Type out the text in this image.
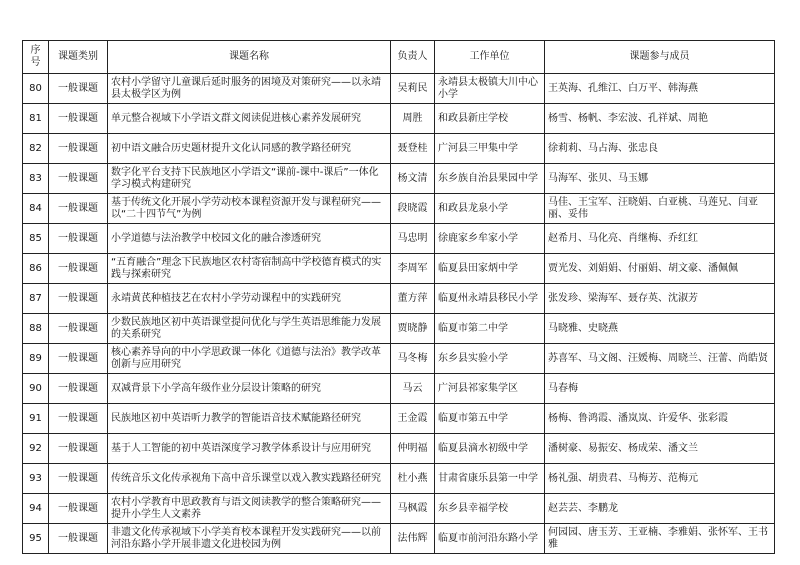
序号	课题类别	课题名称	负责人	工作单位	课题参与成员
80	一般课题	农村小学留守儿童课后延时服务的困境及对策研究——以永靖县太极学区为例	吴莉民	永靖县太极镇大川中心小学	王英海、孔维江、白万平、韩海燕
81	一般课题	单元整合视域下小学语文群文阅读促进核心素养发展研究	周胜	和政县新庄学校	杨雪、杨帆、李宏波、孔祥斌、周艳
82	一般课题	初中语文融合历史题材提升文化认同感的教学路径研究	聂登桂	广河县三甲集中学	徐莉莉、马占海、张忠良
83	一般课题	数字化平台支持下民族地区小学语文“课前-课中-课后”一体化学习模式构建研究	杨文清	东乡族自治县果园中学	马海军、张贝、马玉娜
84	一般课题	基于传统文化开展小学劳动校本课程资源开发与课程研究——以“二十四节气”为例	段晓霞	和政县龙泉小学	马佳、王宝军、汪晓娟、白亚桃、马莲兄、闫亚丽、妥伟
85	一般课题	小学道德与法治教学中校园文化的融合渗透研究	马忠明	徐鹿家乡牟家小学	赵希月、马化亮、肖继梅、乔红红
86	一般课题	“五育融合”理念下民族地区农村寄宿制高中学校德育模式的实践与探索研究	李周军	临夏县田家炳中学	贾光发、刘娟娟、付丽娟、胡文豪、潘佩佩
87	一般课题	永靖黄芪种植技艺在农村小学劳动课程中的实践研究	董方萍	临夏州永靖县移民小学	张发珍、梁海军、聂存英、沈淑芳
88	一般课题	少数民族地区初中英语课堂提问优化与学生英语思维能力发展的关系研究	贾晓静	临夏市第二中学	马晓雅、史晓燕
89	一般课题	核心素养导向的中小学思政课一体化《道德与法治》教学改革创新与应用研究	马冬梅	东乡县实验小学	苏喜军、马文阁、汪媛梅、周晓兰、汪蕾、尚皓贤
90	一般课题	双减背景下小学高年级作业分层设计策略的研究	马云	广河县祁家集学区	马春梅
91	一般课题	民族地区初中英语听力教学的智能语音技术赋能路径研究	王金霞	临夏市第五中学	杨梅、鲁鸿霞、潘岚岚、许爱华、张彩霞
92	一般课题	基于人工智能的初中英语深度学习教学体系设计与应用研究	仲明福	临夏县滴水初级中学	潘树豪、易振安、杨成荣、潘文兰
93	一般课题	传统音乐文化传承视角下高中音乐课堂以戏入教实践路径研究	杜小燕	甘肃省康乐县第一中学	杨礼强、胡贵君、马梅芳、范梅元
94	一般课题	农村小学教育中思政教育与语文阅读教学的整合策略研究——提升小学生人文素养	马枫霞	东乡县幸福学校	赵芸芸、李鹏龙
95	一般课题	非遗文化传承视域下小学美育校本课程开发实践研究——以前河沿东路小学开展非遗文化进校园为例	法伟辉	临夏市前河沿东路小学	何园园、唐玉芳、王亚楠、李雅娟、张怀军、王书雅
